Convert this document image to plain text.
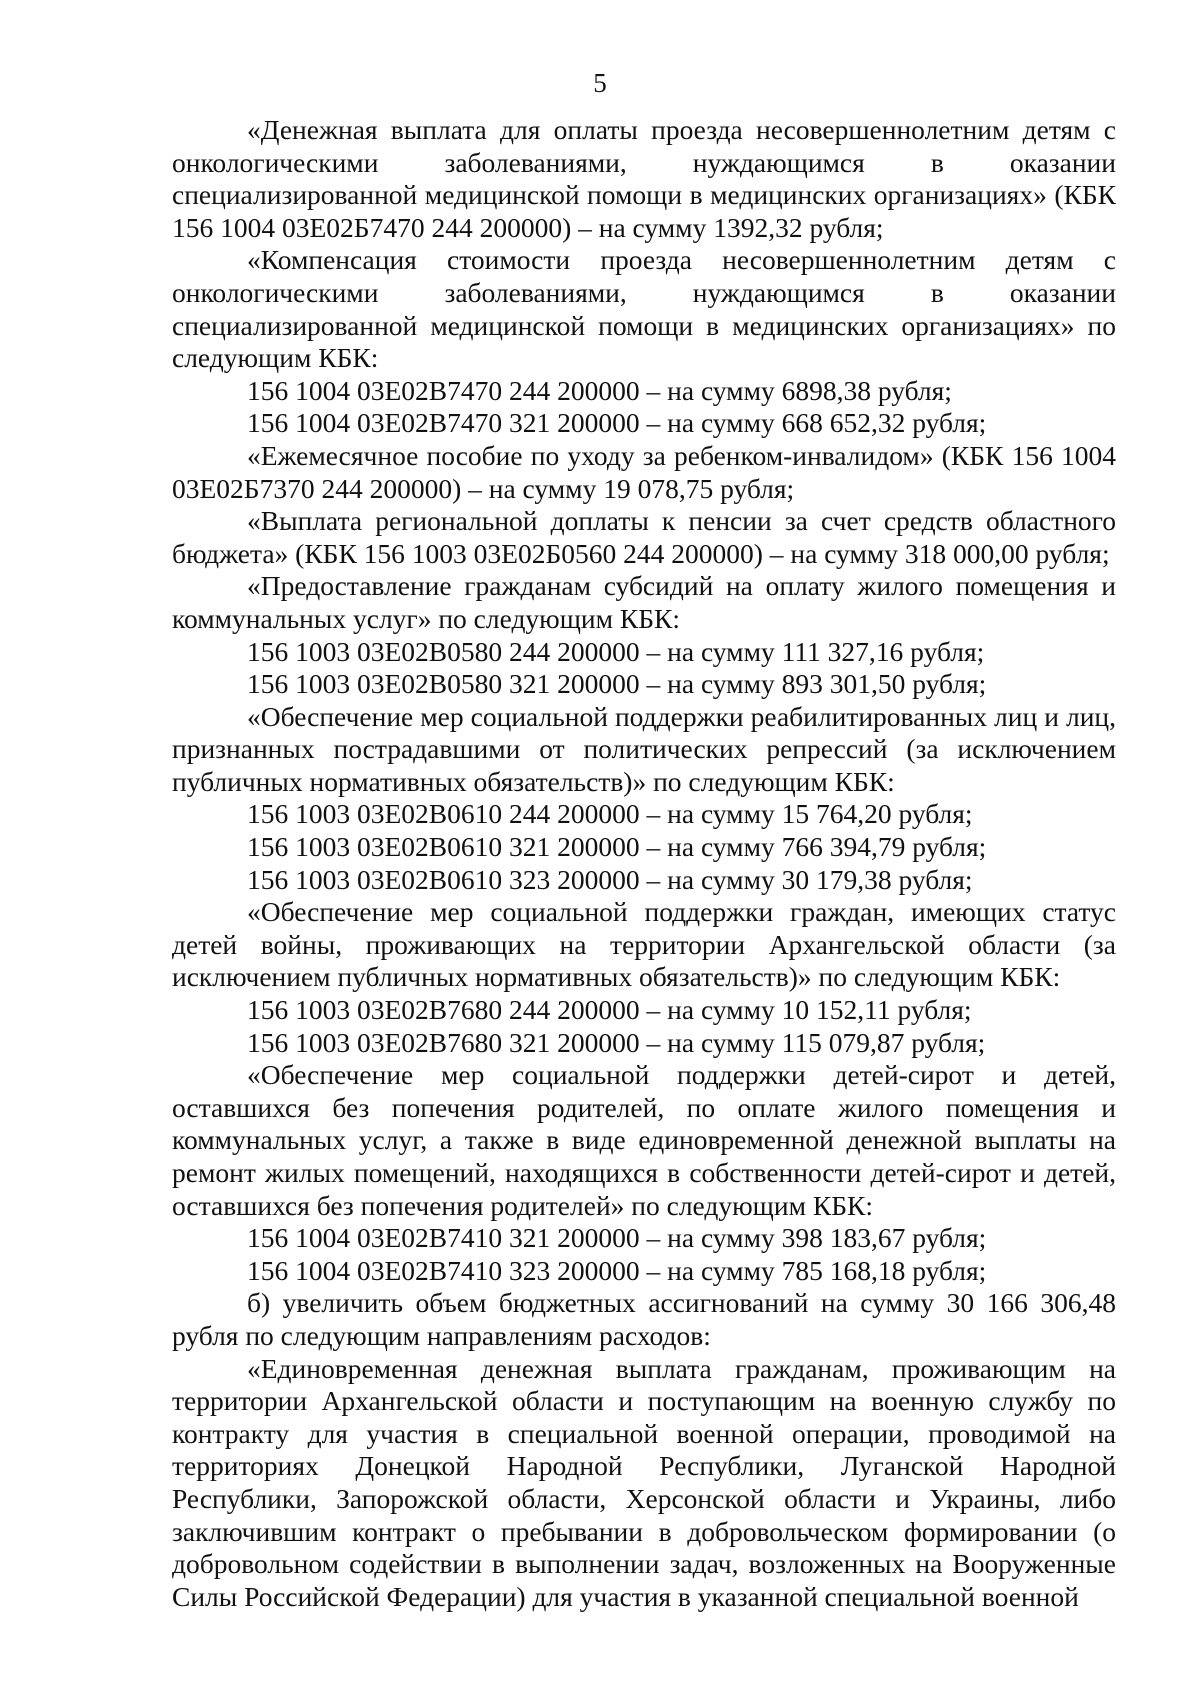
5

«Денежная выплата для оплаты проезда несовершеннолетним детям с онкологическими заболеваниями, нуждающимся в оказании специализированной медицинской помощи в медицинских организациях» (КБК 156 1004 03Е02Б7470 244 200000) – на сумму 1392,32 рубля;

«Компенсация стоимости проезда несовершеннолетним детям с онкологическими заболеваниями, нуждающимся в оказании специализированной медицинской помощи в медицинских организациях» по следующим КБК:

156 1004 03Е02В7470 244 200000 – на сумму 6898,38 рубля;

156 1004 03Е02В7470 321 200000 – на сумму 668 652,32 рубля;

«Ежемесячное пособие по уходу за ребенком-инвалидом» (КБК 156 1004 03Е02Б7370 244 200000) – на сумму 19 078,75 рубля;

«Выплата региональной доплаты к пенсии за счет средств областного бюджета» (КБК 156 1003 03Е02Б0560 244 200000) – на сумму 318 000,00 рубля;

«Предоставление гражданам субсидий на оплату жилого помещения и коммунальных услуг» по следующим КБК:

156 1003 03Е02В0580 244 200000 – на сумму 111 327,16 рубля;

156 1003 03Е02В0580 321 200000 – на сумму 893 301,50 рубля;

«Обеспечение мер социальной поддержки реабилитированных лиц и лиц, признанных пострадавшими от политических репрессий (за исключением публичных нормативных обязательств)» по следующим КБК:

156 1003 03Е02В0610 244 200000 – на сумму 15 764,20 рубля;

156 1003 03Е02В0610 321 200000 – на сумму 766 394,79 рубля;

156 1003 03Е02В0610 323 200000 – на сумму 30 179,38 рубля;

«Обеспечение мер социальной поддержки граждан, имеющих статус детей войны, проживающих на территории Архангельской области (за исключением публичных нормативных обязательств)» по следующим КБК:

156 1003 03Е02В7680 244 200000 – на сумму 10 152,11 рубля;

156 1003 03Е02В7680 321 200000 – на сумму 115 079,87 рубля;

«Обеспечение мер социальной поддержки детей-сирот и детей, оставшихся без попечения родителей, по оплате жилого помещения и коммунальных услуг, а также в виде единовременной денежной выплаты на ремонт жилых помещений, находящихся в собственности детей-сирот и детей, оставшихся без попечения родителей» по следующим КБК:

156 1004 03Е02В7410 321 200000 – на сумму 398 183,67 рубля;

156 1004 03Е02В7410 323 200000 – на сумму 785 168,18 рубля;

б) увеличить объем бюджетных ассигнований на сумму 30 166 306,48 рубля по следующим направлениям расходов:

«Единовременная денежная выплата гражданам, проживающим на территории Архангельской области и поступающим на военную службу по контракту для участия в специальной военной операции, проводимой на территориях Донецкой Народной Республики, Луганской Народной Республики, Запорожской области, Херсонской области и Украины, либо заключившим контракт о пребывании в добровольческом формировании (о добровольном содействии в выполнении задач, возложенных на Вооруженные Силы Российской Федерации) для участия в указанной специальной военной
